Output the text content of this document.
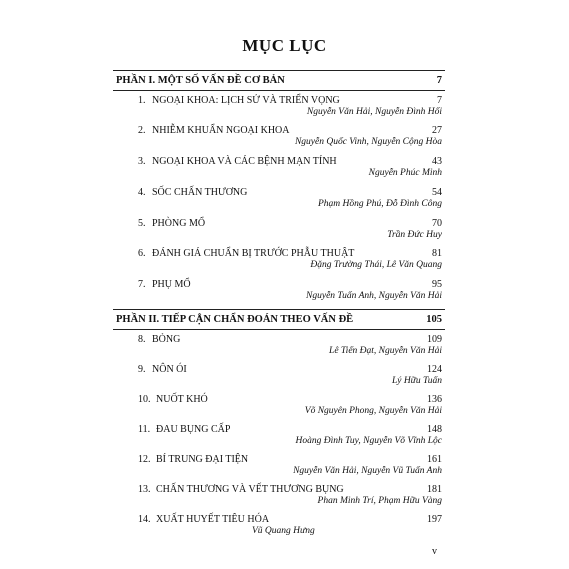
MỤC LỤC
PHẦN I. MỘT SỐ VẤN ĐỀ CƠ BẢN	7
1. NGOẠI KHOA: LỊCH SỬ VÀ TRIỂN VỌNG	7
Nguyễn Văn Hải, Nguyễn Đình Hối
2. NHIỄM KHUẨN NGOẠI KHOA	27
Nguyễn Quốc Vinh, Nguyễn Cộng Hòa
3. NGOẠI KHOA VÀ CÁC BỆNH MẠN TÍNH	43
Nguyễn Phúc Minh
4. SỐC CHẤN THƯƠNG	54
Phạm Hồng Phú, Đỗ Đình Công
5. PHÒNG MỔ	70
Trần Đức Huy
6. ĐÁNH GIÁ CHUẨN BỊ TRƯỚC PHẪU THUẬT	81
Đặng Trường Thái, Lê Văn Quang
7. PHỤ MỔ	95
Nguyễn Tuấn Anh, Nguyễn Văn Hải
PHẦN II. TIẾP CẬN CHẨN ĐOÁN THEO VẤN ĐỀ	105
8. BỎNG	109
Lê Tiến Đạt, Nguyễn Văn Hải
9. NÔN ÓI	124
Lý Hữu Tuấn
10. NUỐT KHÓ	136
Võ Nguyên Phong, Nguyễn Văn Hải
11. ĐAU BỤNG CẤP	148
Hoàng Đình Tuy, Nguyễn Võ Vĩnh Lộc
12. BÍ TRUNG ĐẠI TIỆN	161
Nguyễn Văn Hải, Nguyễn Vũ Tuấn Anh
13. CHẤN THƯƠNG VÀ VẾT THƯƠNG BỤNG	181
Phan Minh Trí, Phạm Hữu Vàng
14. XUẤT HUYẾT TIÊU HÓA	197
Vũ Quang Hưng
v
